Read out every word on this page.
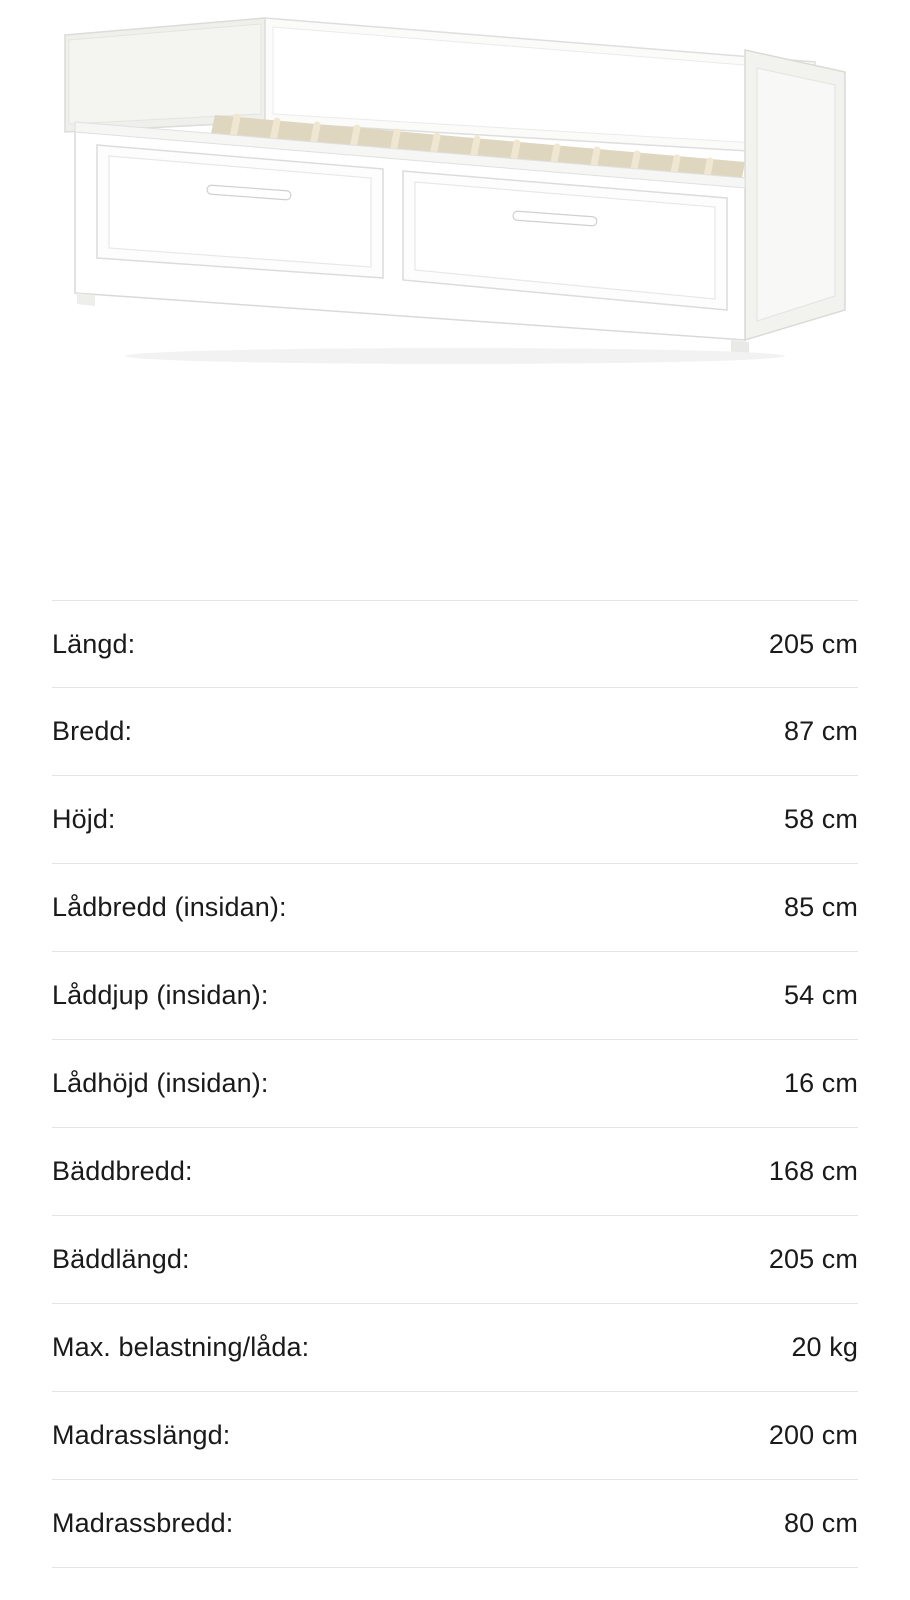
Längd:	205 cm
Bredd:	87 cm
Höjd:	58 cm
Lådbredd (insidan):	85 cm
Låddjup (insidan):	54 cm
Lådhöjd (insidan):	16 cm
Bäddbredd:	168 cm
Bäddlängd:	205 cm
Max. belastning/låda:	20 kg
Madrasslängd:	200 cm
Madrassbredd:	80 cm
